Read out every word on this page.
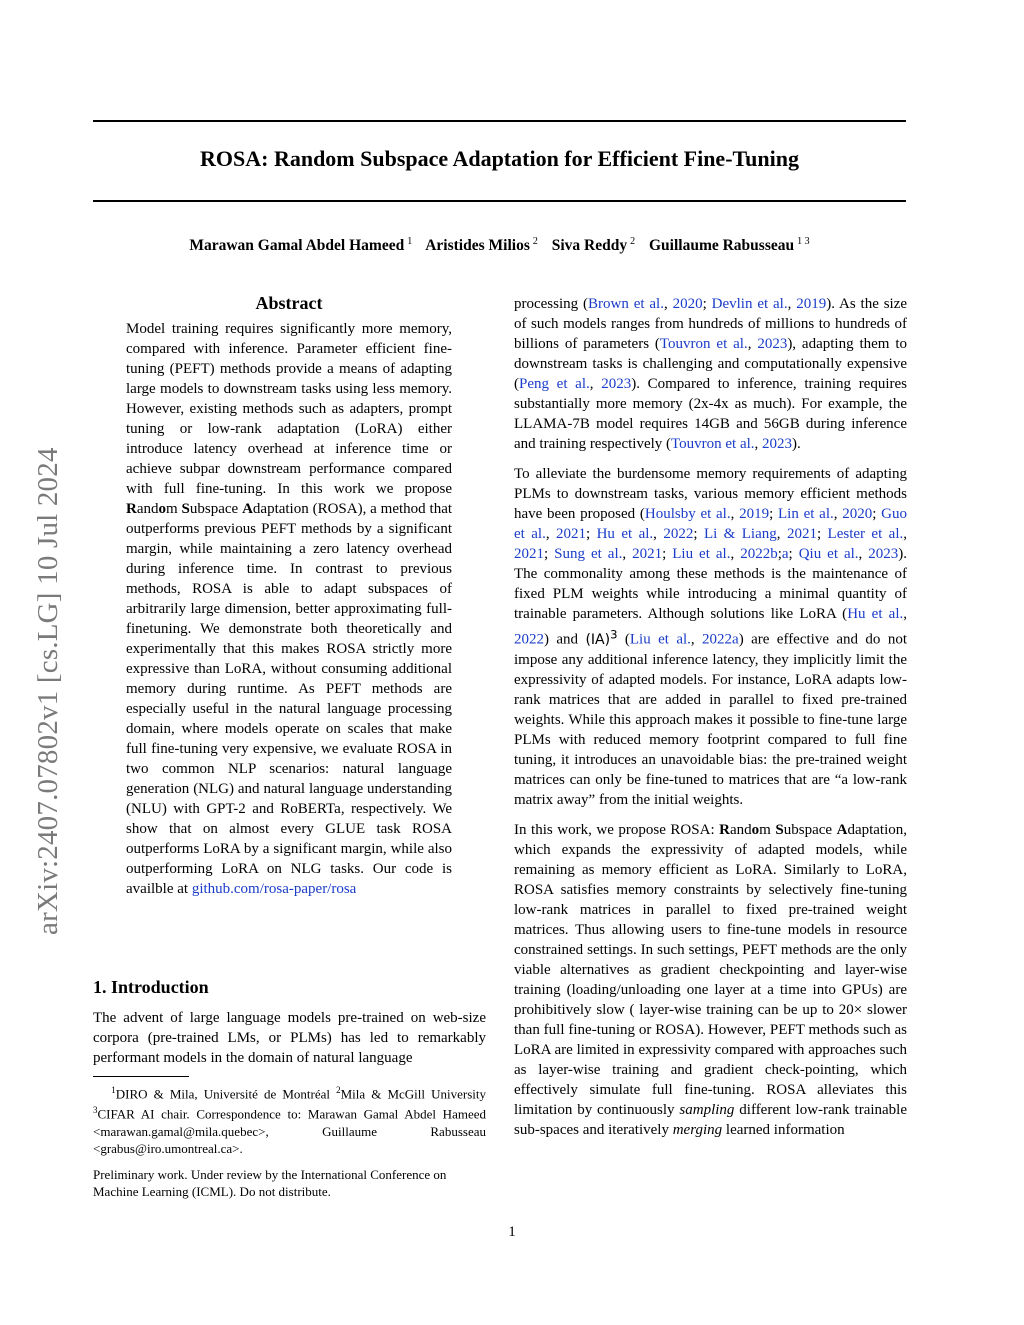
arXiv:2407.07802v1 [cs.LG] 10 Jul 2024
ROSA: Random Subspace Adaptation for Efficient Fine-Tuning
Marawan Gamal Abdel Hameed $^1$ Aristides Milios $^2$ Siva Reddy $^2$ Guillaume Rabusseau $^{1 3}$
Abstract

Model training requires significantly more memory, compared with inference. Parameter efficient fine-tuning (PEFT) methods provide a means of adapting large models to downstream tasks using less memory. However, existing methods such as adapters, prompt tuning or low-rank adaptation (LoRA) either introduce latency overhead at inference time or achieve subpar downstream performance compared with full fine-tuning. In this work we propose Random Subspace Adaptation (ROSA), a method that outperforms previous PEFT methods by a significant margin, while maintaining a zero latency overhead during inference time. In contrast to previous methods, ROSA is able to adapt subspaces of arbitrarily large dimension, better approximating full-finetuning. We demonstrate both theoretically and experimentally that this makes ROSA strictly more expressive than LoRA, without consuming additional memory during runtime. As PEFT methods are especially useful in the natural language processing domain, where models operate on scales that make full fine-tuning very expensive, we evaluate ROSA in two common NLP scenarios: natural language generation (NLG) and natural language understanding (NLU) with GPT-2 and RoBERTa, respectively. We show that on almost every GLUE task ROSA outperforms LoRA by a significant margin, while also outperforming LoRA on NLG tasks. Our code is availble at github.com/rosa-paper/rosa

1. Introduction

The advent of large language models pre-trained on web-size corpora (pre-trained LMs, or PLMs) has led to remarkably performant models in the domain of natural language

$^1$DIRO & Mila, Université de Montréal $^2$Mila & McGill University $^3$CIFAR AI chair. Correspondence to: Marawan Gamal Abdel Hameed <marawan.gamal@mila.quebec>, Guillaume Rabusseau <grabus@iro.umontreal.ca>.
Preliminary work. Under review by the International Conference on Machine Learning (ICML). Do not distribute.

processing (Brown et al., 2020; Devlin et al., 2019). As the size of such models ranges from hundreds of millions to hundreds of billions of parameters (Touvron et al., 2023), adapting them to downstream tasks is challenging and computationally expensive (Peng et al., 2023). Compared to inference, training requires substantially more memory (2x-4x as much). For example, the LLAMA-7B model requires 14GB and 56GB during inference and training respectively (Touvron et al., 2023).

To alleviate the burdensome memory requirements of adapting PLMs to downstream tasks, various memory efficient methods have been proposed (Houlsby et al., 2019; Lin et al., 2020; Guo et al., 2021; Hu et al., 2022; Li & Liang, 2021; Lester et al., 2021; Sung et al., 2021; Liu et al., 2022b;a; Qiu et al., 2023). The commonality among these methods is the maintenance of fixed PLM weights while introducing a minimal quantity of trainable parameters. Although solutions like LoRA (Hu et al., 2022) and (IA)$^3$ (Liu et al., 2022a) are effective and do not impose any additional inference latency, they implicitly limit the expressivity of adapted models. For instance, LoRA adapts low-rank matrices that are added in parallel to fixed pre-trained weights. While this approach makes it possible to fine-tune large PLMs with reduced memory footprint compared to full fine tuning, it introduces an unavoidable bias: the pre-trained weight matrices can only be fine-tuned to matrices that are “a low-rank matrix away” from the initial weights.

In this work, we propose ROSA: Random Subspace Adaptation, which expands the expressivity of adapted models, while remaining as memory efficient as LoRA. Similarly to LoRA, ROSA satisfies memory constraints by selectively fine-tuning low-rank matrices in parallel to fixed pre-trained weight matrices. Thus allowing users to fine-tune models in resource constrained settings. In such settings, PEFT methods are the only viable alternatives as gradient checkpointing and layer-wise training (loading/unloading one layer at a time into GPUs) are prohibitively slow ( layer-wise training can be up to 20× slower than full fine-tuning or ROSA). However, PEFT methods such as LoRA are limited in expressivity compared with approaches such as layer-wise training and gradient check-pointing, which effectively simulate full fine-tuning. ROSA alleviates this limitation by continuously sampling different low-rank trainable sub-spaces and iteratively merging learned information

1
